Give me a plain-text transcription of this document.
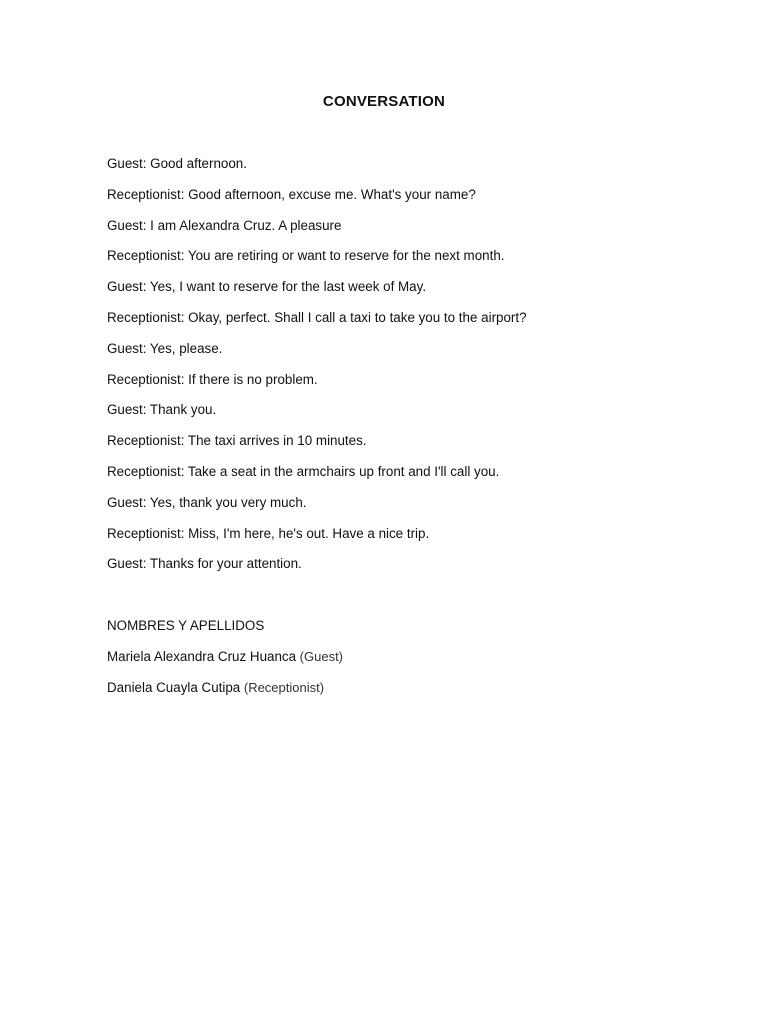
CONVERSATION
Guest: Good afternoon.
Receptionist: Good afternoon, excuse me. What's your name?
Guest: I am Alexandra Cruz. A pleasure
Receptionist: You are retiring or want to reserve for the next month.
Guest: Yes, I want to reserve for the last week of May.
Receptionist: Okay, perfect. Shall I call a taxi to take you to the airport?
Guest: Yes, please.
Receptionist: If there is no problem.
Guest: Thank you.
Receptionist: The taxi arrives in 10 minutes.
Receptionist: Take a seat in the armchairs up front and I'll call you.
Guest: Yes, thank you very much.
Receptionist: Miss, I'm here, he's out. Have a nice trip.
Guest: Thanks for your attention.
NOMBRES Y APELLIDOS
Mariela Alexandra Cruz Huanca (Guest)
Daniela Cuayla Cutipa (Receptionist)
